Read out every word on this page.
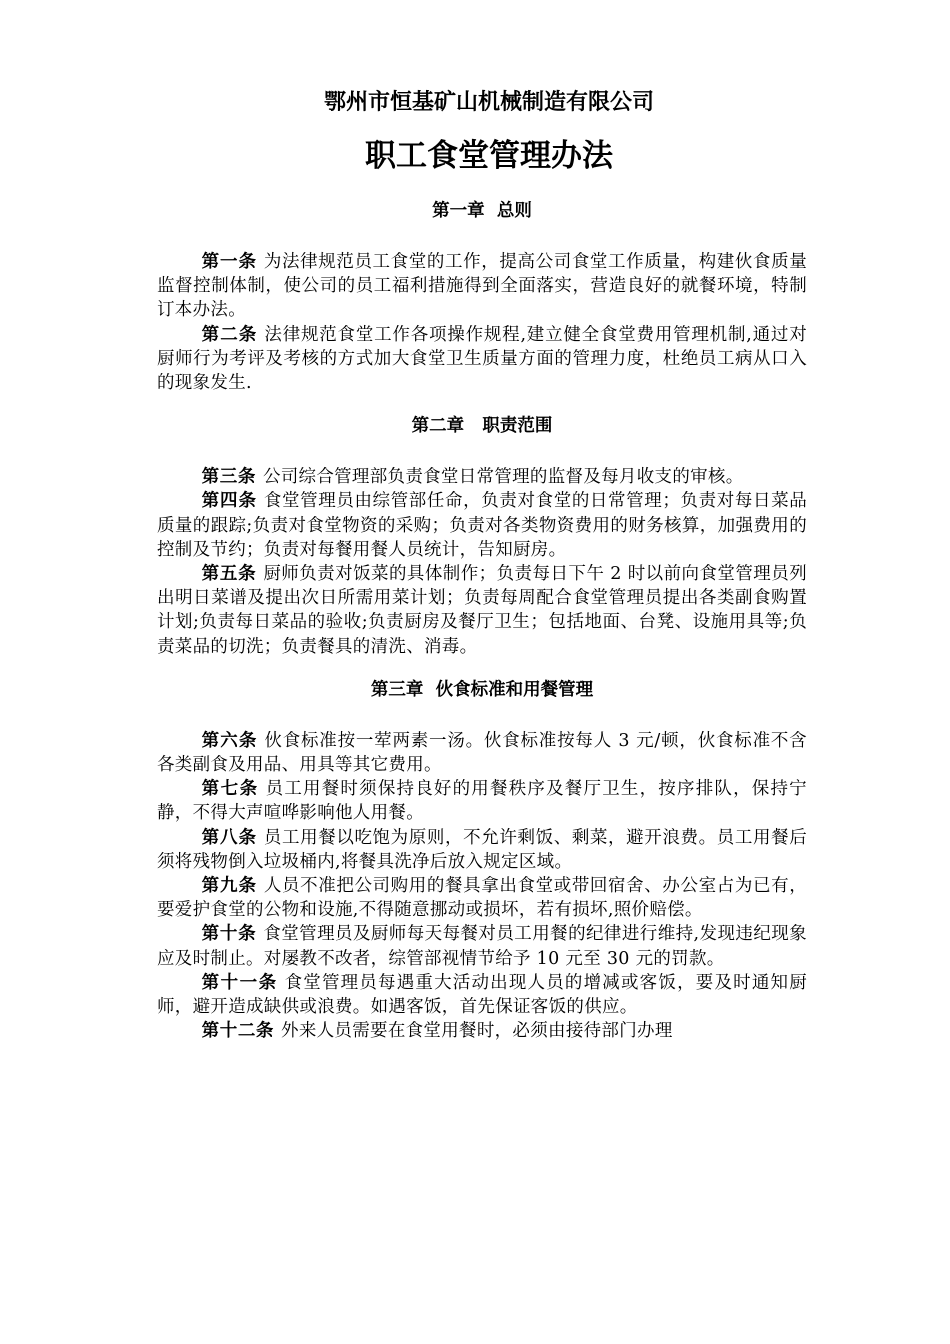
鄂州市恒基矿山机械制造有限公司
职工食堂管理办法
第一章  总则

第一条 为法律规范员工食堂的工作，提高公司食堂工作质量，构建伙食质量监督控制体制，使公司的员工福利措施得到全面落实，营造良好的就餐环境，特制订本办法。

第二条 法律规范食堂工作各项操作规程,建立健全食堂费用管理机制,通过对厨师行为考评及考核的方式加大食堂卫生质量方面的管理力度，杜绝员工病从口入的现象发生.

第二章   职责范围

第三条 公司综合管理部负责食堂日常管理的监督及每月收支的审核。

第四条 食堂管理员由综管部任命，负责对食堂的日常管理；负责对每日菜品质量的跟踪;负责对食堂物资的采购；负责对各类物资费用的财务核算，加强费用的控制及节约；负责对每餐用餐人员统计，告知厨房。

第五条 厨师负责对饭菜的具体制作；负责每日下午 2 时以前向食堂管理员列出明日菜谱及提出次日所需用菜计划；负责每周配合食堂管理员提出各类副食购置计划;负责每日菜品的验收;负责厨房及餐厅卫生；包括地面、台凳、设施用具等;负责菜品的切洗；负责餐具的清洗、消毒。

第三章  伙食标准和用餐管理

第六条 伙食标准按一荤两素一汤。伙食标准按每人 3 元/顿，伙食标准不含各类副食及用品、用具等其它费用。

第七条 员工用餐时须保持良好的用餐秩序及餐厅卫生，按序排队，保持宁静，不得大声喧哗影响他人用餐。

第八条 员工用餐以吃饱为原则，不允许剩饭、剩菜，避开浪费。员工用餐后须将残物倒入垃圾桶内,将餐具洗净后放入规定区域。

第九条 人员不准把公司购用的餐具拿出食堂或带回宿舍、办公室占为已有，要爱护食堂的公物和设施,不得随意挪动或损坏，若有损坏,照价赔偿。

第十条 食堂管理员及厨师每天每餐对员工用餐的纪律进行维持,发现违纪现象应及时制止。对屡教不改者，综管部视情节给予 10 元至 30 元的罚款。

第十一条 食堂管理员每遇重大活动出现人员的增减或客饭，要及时通知厨师，避开造成缺供或浪费。如遇客饭，首先保证客饭的供应。

第十二条 外来人员需要在食堂用餐时，必须由接待部门办理
